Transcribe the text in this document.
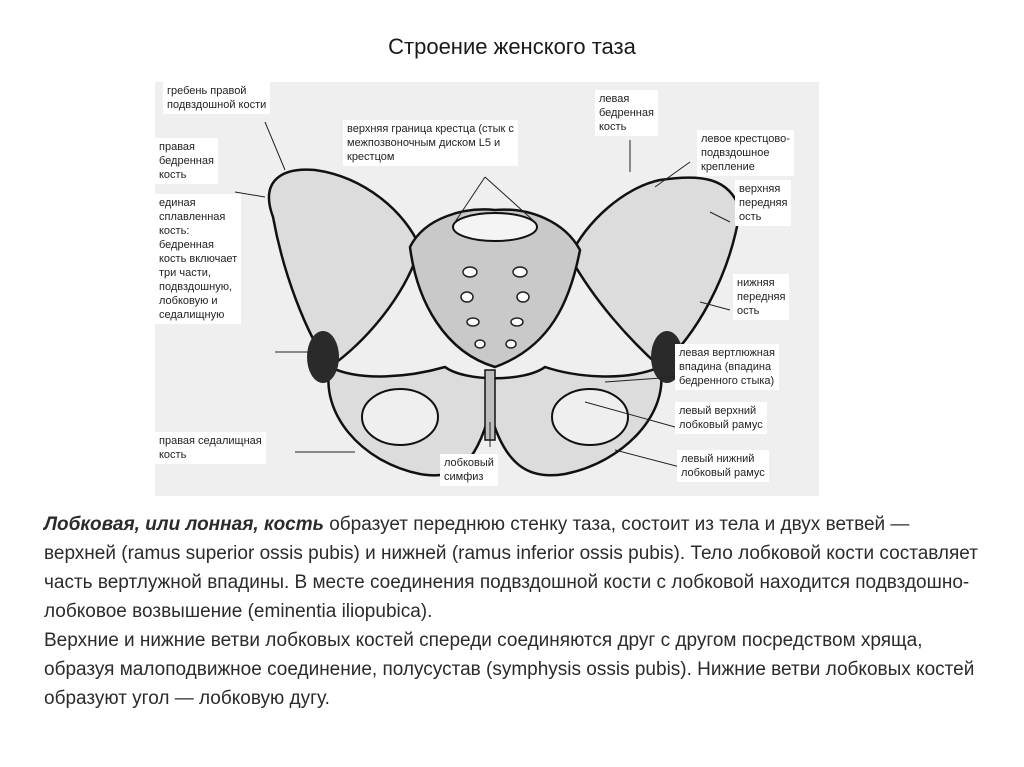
Строение женского таза
гребень правой
подвздошной кости
верхняя граница крестца (стык с
межпозвоночным диском L5 и
крестцом
левая
бедренная
кость
левое крестцово-
подвздошное
крепление
правая
бедренная
кость
единая
сплавленная
кость:
бедренная
кость включает
три части,
подвздошную,
лобковую и
седалищную
верхняя
передняя
ость
нижняя
передняя
ость
левая вертлюжная
впадина (впадина
бедренного стыка)
левый верхний
лобковый рамус
правая седалищная
кость
лобковый
симфиз
левый нижний
лобковый рамус

Лобковая, или лонная, кость образует переднюю стенку таза, состоит из тела и двух ветвей — верхней (ramus superior ossis pubis) и нижней (ramus inferior ossis pubis). Тело лобковой кости составляет часть вертлужной впадины. В месте соединения подвздошной кости с лобковой находится подвздошно-лобковое возвышение (eminentia iliopubica).

Верхние и нижние ветви лобковых костей спереди соединяются друг с другом посредством хряща, образуя малоподвижное соединение, полусустав (symphysis ossis pubis). Нижние ветви лобковых костей образуют угол — лобковую дугу.
